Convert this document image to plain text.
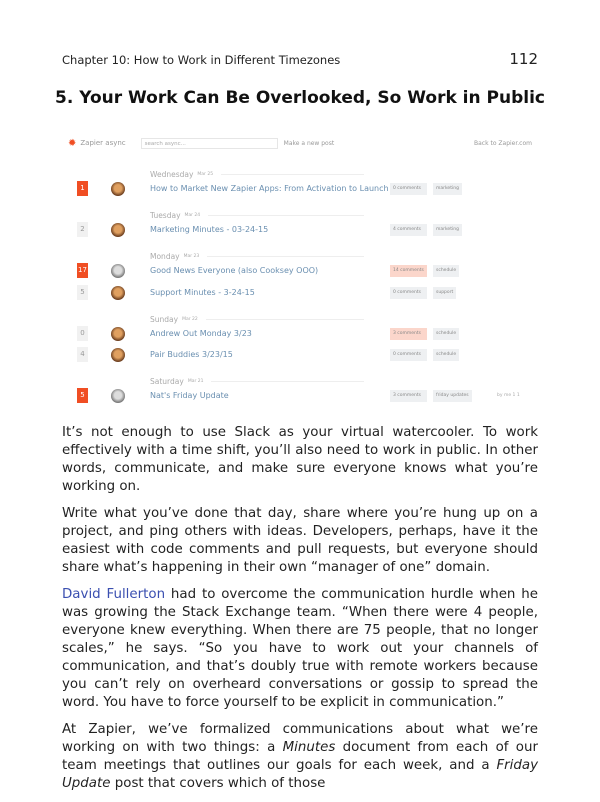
Chapter 10: How to Work in Different Timezones	112
5. Your Work Can Be Overlooked, So Work in Public
✹ Zapier async	search async...	Make a new post	Back to Zapier.com
Wednesday Mar 25
1	How to Market New Zapier Apps: From Activation to Launch 0 comments	marketing
Tuesday Mar 24
2	Marketing Minutes - 03-24-15	4 comments	marketing
Monday Mar 23
17	Good News Everyone (also Cooksey OOO)	14 comments	schedule
5	Support Minutes - 3-24-15	0 comments	support
Sunday Mar 22
0	Andrew Out Monday 3/23	3 comments	schedule
4	Pair Buddies 3/23/15	0 comments	schedule
Saturday Mar 21
5	Nat's Friday Update	3 comments	friday updates	by me 1 1

It’s not enough to use Slack as your virtual watercooler. To work effectively with a time shift, you’ll also need to work in public. In other words, communicate, and make sure everyone knows what you’re working on.

Write what you’ve done that day, share where you’re hung up on a project, and ping others with ideas. Developers, perhaps, have it the easiest with code comments and pull requests, but everyone should share what’s happening in their own “manager of one” domain.

David Fullerton had to overcome the communication hurdle when he was growing the Stack Exchange team. “When there were 4 people, everyone knew everything. When there are 75 people, that no longer scales,” he says. “So you have to work out your channels of communication, and that’s doubly true with remote workers because you can’t rely on overheard conversations or gossip to spread the word. You have to force yourself to be explicit in communication.”

At Zapier, we’ve formalized communications about what we’re working on with two things: a Minutes document from each of our team meetings that outlines our goals for each week, and a Friday Update post that covers which of those
